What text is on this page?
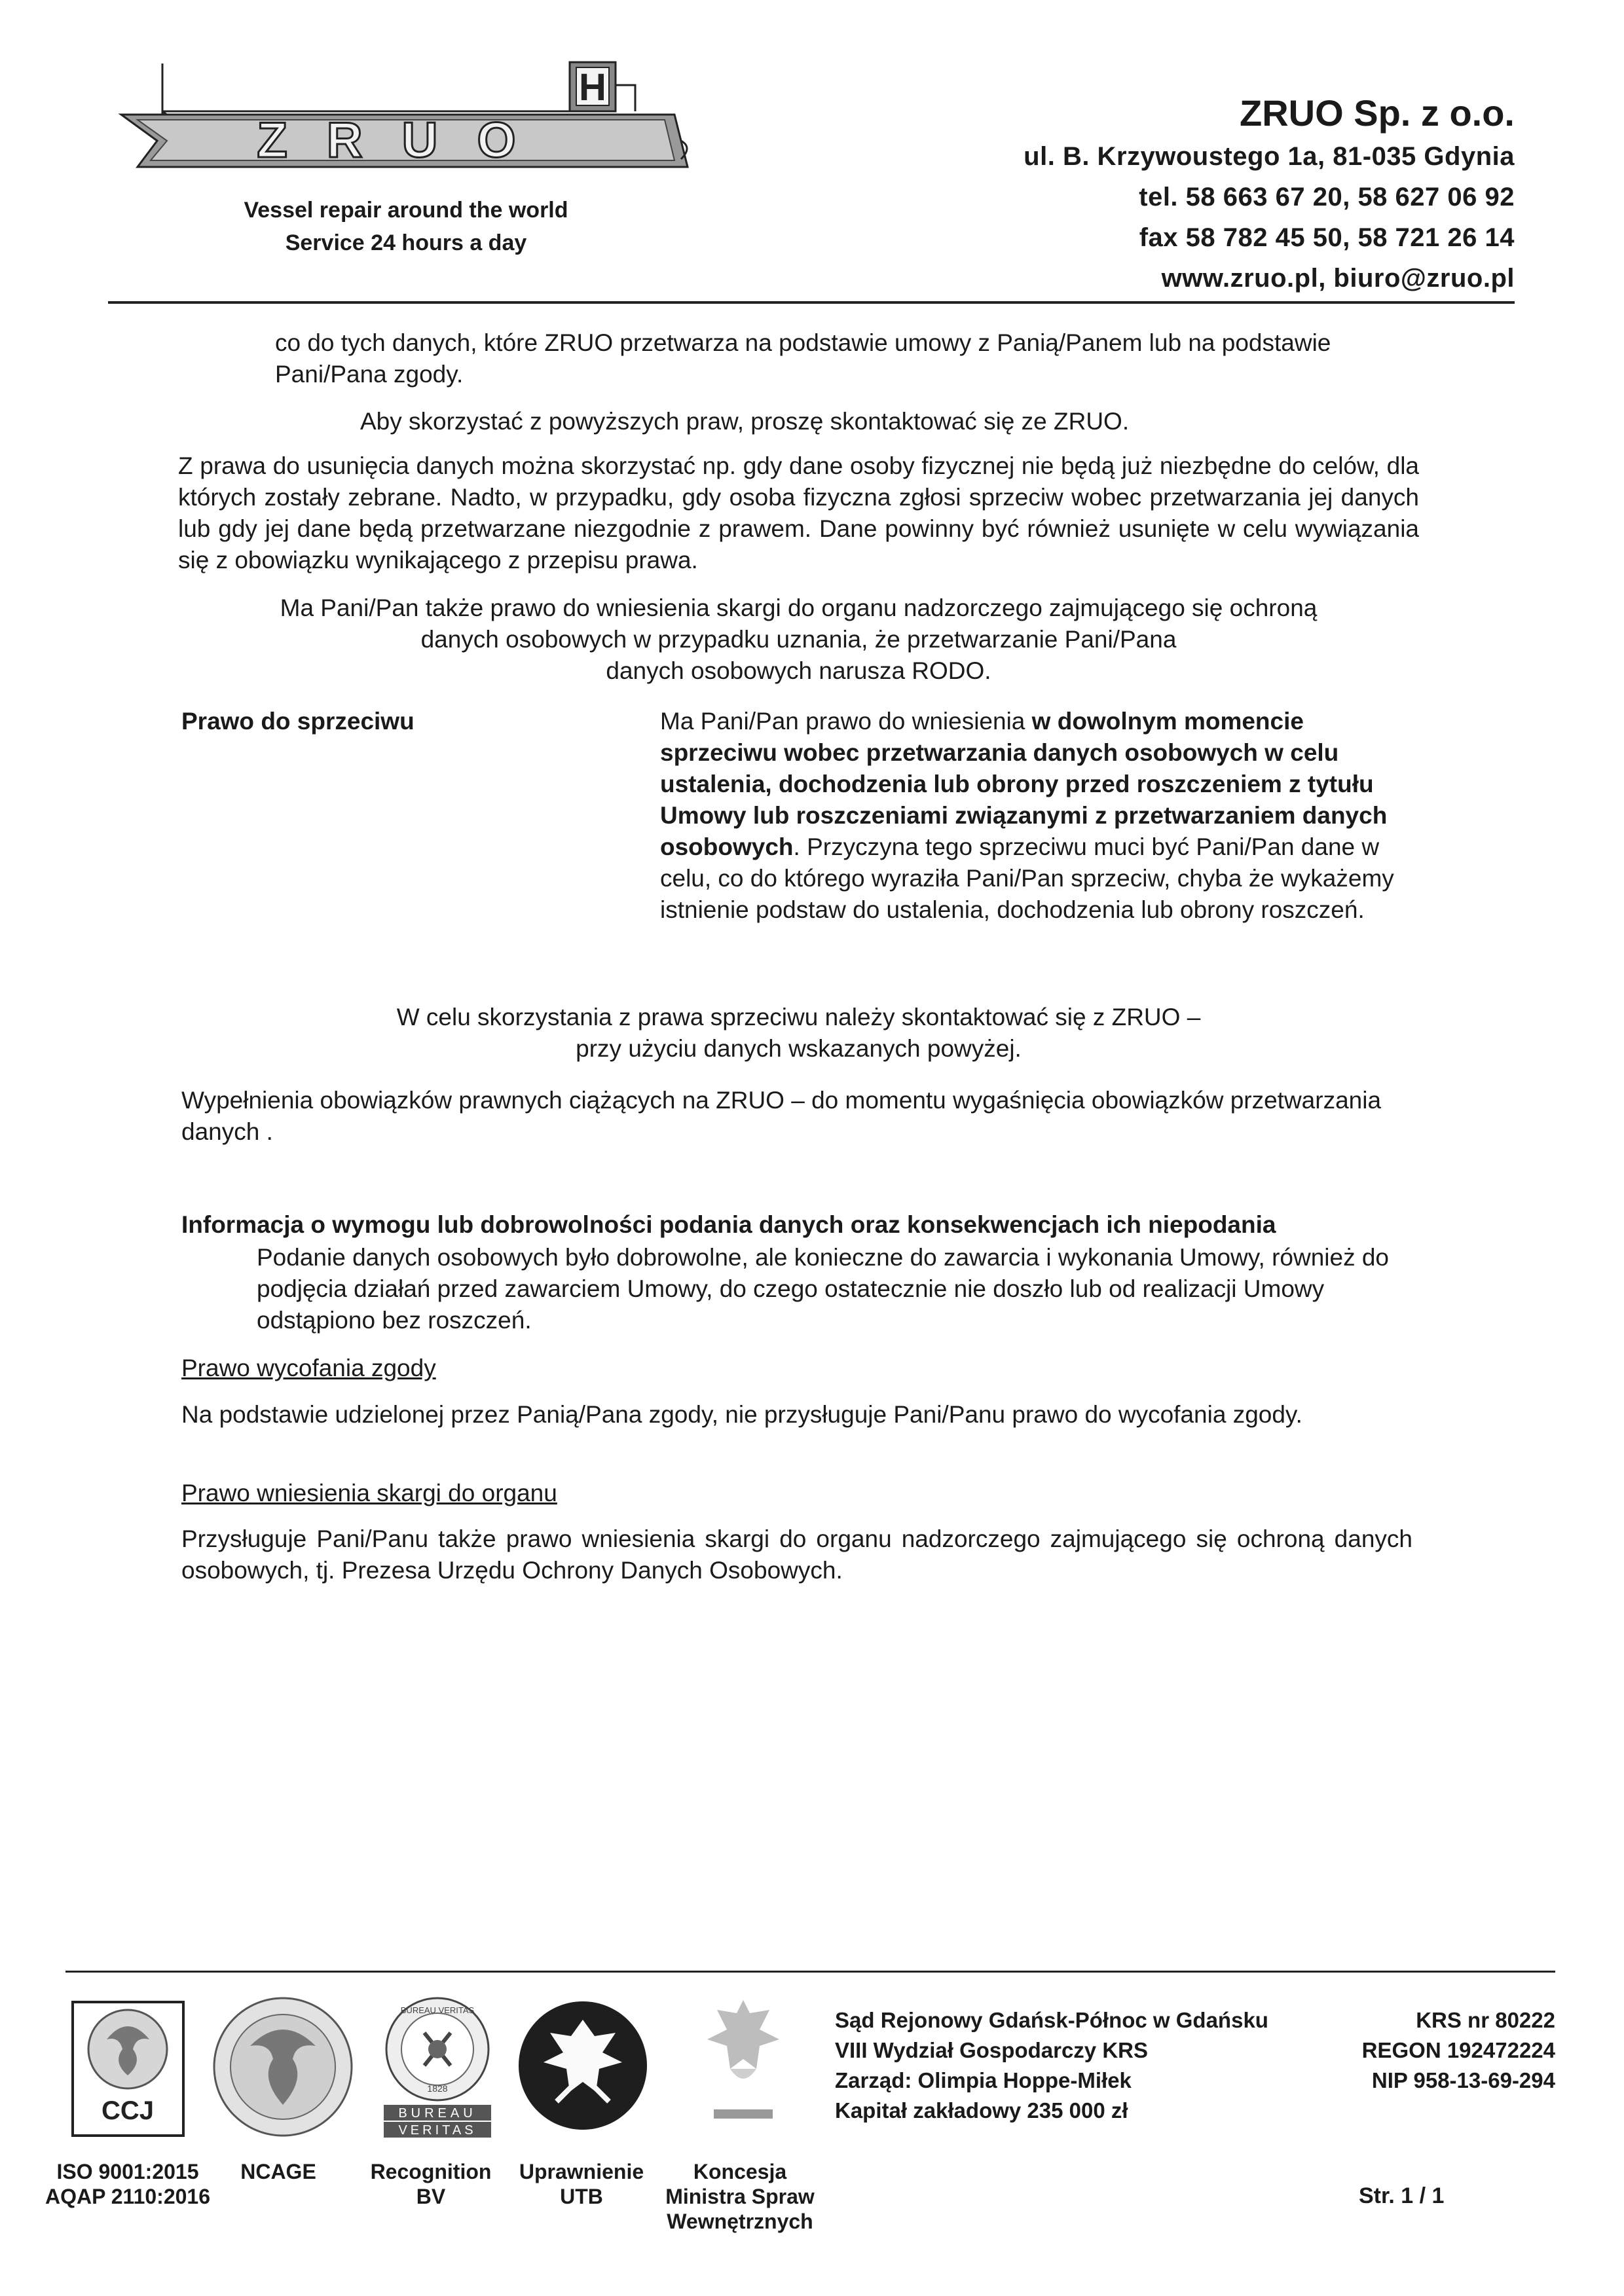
H
ZRUO
Vessel repair around the world
Service 24 hours a day
ZRUO Sp. z o.o.
ul. B. Krzywoustego 1a, 81-035 Gdynia
tel. 58 663 67 20, 58 627 06 92
fax 58 782 45 50, 58 721 26 14
www.zruo.pl, biuro@zruo.pl
co do tych danych, które ZRUO przetwarza na podstawie umowy z Panią/Panem lub na podstawie Pani/Pana zgody.
Aby skorzystać z powyższych praw, proszę skontaktować się ze ZRUO.
Z prawa do usunięcia danych można skorzystać np. gdy dane osoby fizycznej nie będą już niezbędne do celów, dla których zostały zebrane. Nadto, w przypadku, gdy osoba fizyczna zgłosi sprzeciw wobec przetwarzania jej danych lub gdy jej dane będą przetwarzane niezgodnie z prawem. Dane powinny być również usunięte w celu wywiązania się z obowiązku wynikającego z przepisu prawa.
Ma Pani/Pan także prawo do wniesienia skargi do organu nadzorczego zajmującego się ochroną
danych osobowych w przypadku uznania, że przetwarzanie Pani/Pana
danych osobowych narusza RODO.
Prawo do sprzeciwu	Ma Pani/Pan prawo do wniesienia w dowolnym momencie sprzeciwu wobec przetwarzania danych osobowych w celu ustalenia, dochodzenia lub obrony przed roszczeniem z tytułu Umowy lub roszczeniami związanymi z przetwarzaniem danych osobowych. Przyczyna tego sprzeciwu muci być Pani/Pan dane w celu, co do którego wyraziła Pani/Pan sprzeciw, chyba że wykażemy istnienie podstaw do ustalenia, dochodzenia lub obrony roszczeń.
W celu skorzystania z prawa sprzeciwu należy skontaktować się z ZRUO –
przy użyciu danych wskazanych powyżej.
Wypełnienia obowiązków prawnych ciążących na ZRUO – do momentu wygaśnięcia obowiązków przetwarzania danych .
Informacja o wymogu lub dobrowolności podania danych oraz konsekwencjach ich niepodania
Podanie danych osobowych było dobrowolne, ale konieczne do zawarcia i wykonania Umowy, również do podjęcia działań przed zawarciem Umowy, do czego ostatecznie nie doszło lub od realizacji Umowy odstąpiono bez roszczeń.
Prawo wycofania zgody
Na podstawie udzielonej przez Panią/Pana zgody, nie przysługuje Pani/Panu prawo do wycofania zgody.
Prawo wniesienia skargi do organu
Przysługuje Pani/Panu także prawo wniesienia skargi do organu nadzorczego zajmującego się ochroną danych osobowych, tj. Prezesa Urzędu Ochrony Danych Osobowych.
CCJ
BUREAU VERITAS
1828
BUREAU
VERITAS
ISO 9001:2015
AQAP 2110:2016
NCAGE	Recognition
BV
Uprawnienie
UTB
Koncesja
Ministra Spraw
Wewnętrznych
Sąd Rejonowy Gdańsk-Północ w Gdańsku
VIII Wydział Gospodarczy KRS
Zarząd: Olimpia Hoppe-Miłek
Kapitał zakładowy 235 000 zł
KRS nr 80222
REGON 192472224
NIP 958-13-69-294
Str. 1 / 1
